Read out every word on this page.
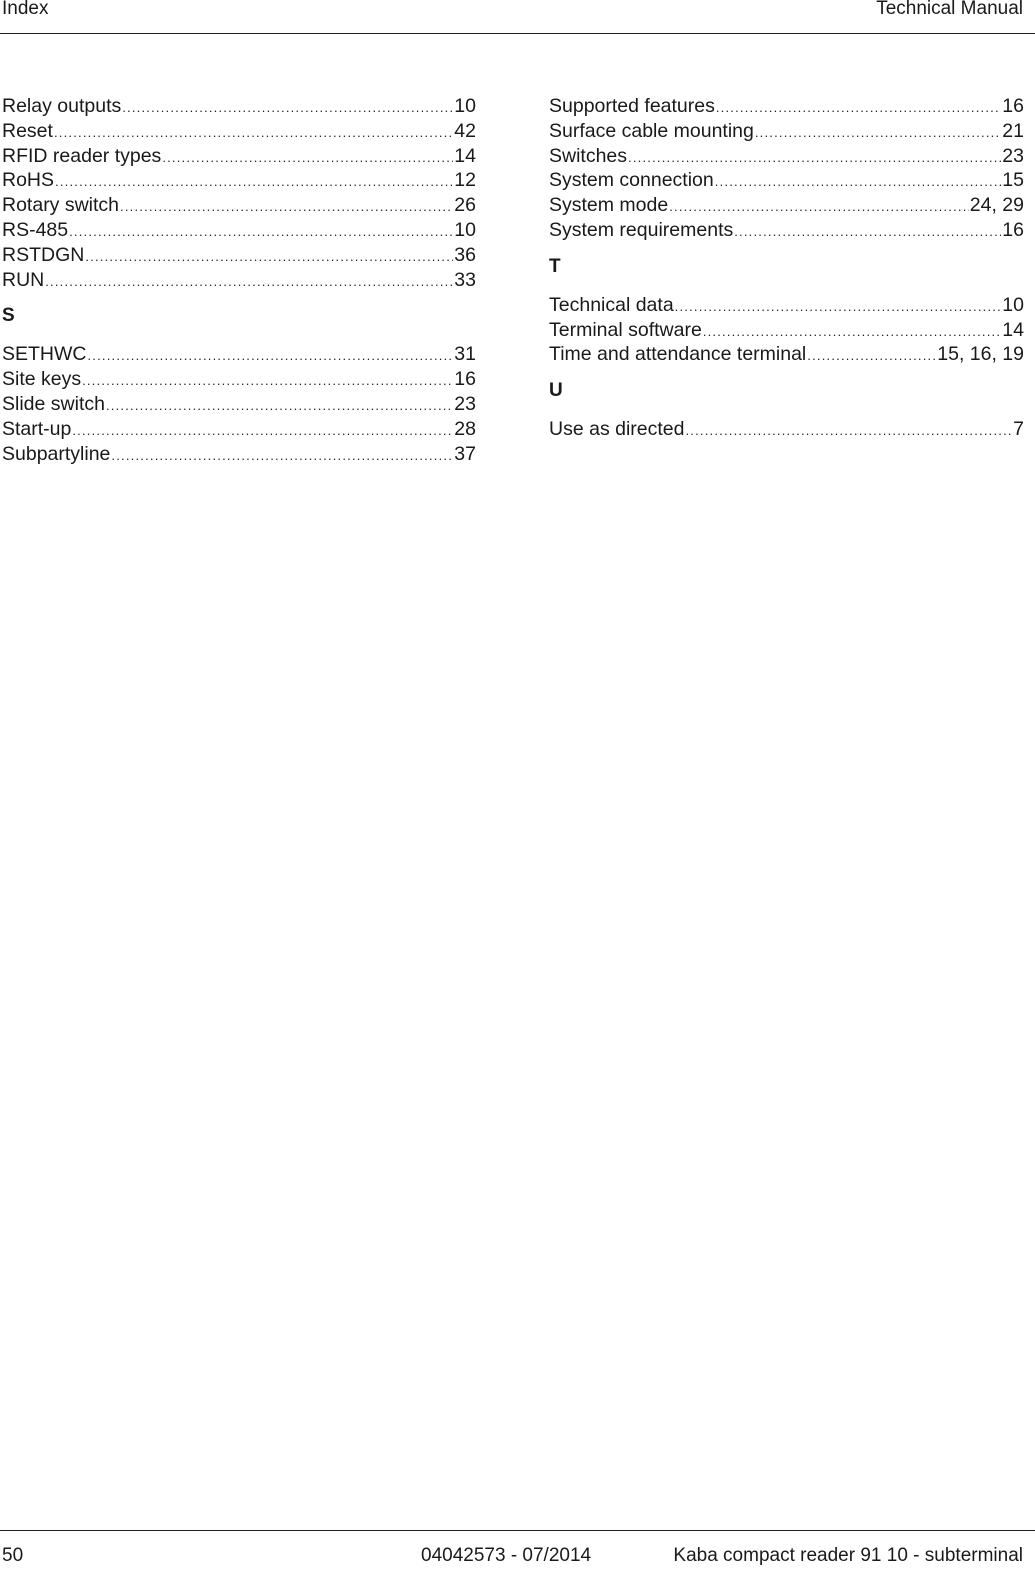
Index	Technical Manual
Relay outputs .....	10
Reset .....	42
RFID reader types .....	14
RoHS .....	12
Rotary switch .....	26
RS-485 .....	10
RSTDGN .....	36
RUN .....	33
S
SETHWC .....	31
Site keys .....	16
Slide switch .....	23
Start-up .....	28
Subpartyline .....	37
Supported features .....	16
Surface cable mounting .....	21
Switches .....	23
System connection .....	15
System mode .....	24, 29
System requirements .....	16
T
Technical data .....	10
Terminal software .....	14
Time and attendance terminal .....	15, 16, 19
U
Use as directed .....	7
50	04042573 - 07/2014	Kaba compact reader 91 10 - subterminal
